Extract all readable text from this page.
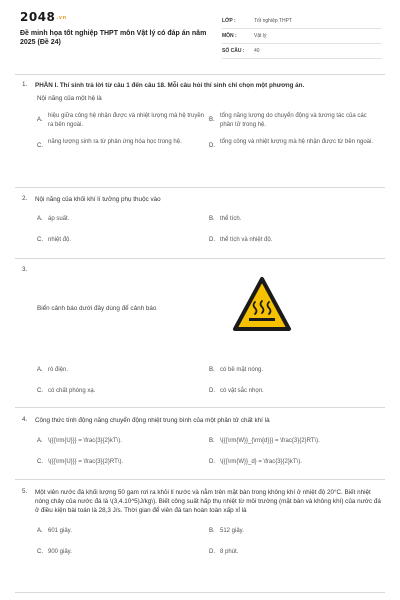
2048.vn
Đề minh họa tốt nghiệp THPT môn Vật lý có đáp án năm 2025 (Đề 24)
LỚP :	Tốt nghiệp THPT
MÔN :	Vật lý
SỐ CÂU :	40
1. PHẦN I. Thí sinh trả lời từ câu 1 đến câu 18. Mỗi câu hỏi thí sinh chỉ chọn một phương án.
Nội năng của một hệ là
A.
hiệu giữa công hệ nhận được và nhiệt lượng mà hệ truyền ra bên ngoài.
B.
tổng năng lượng do chuyển động và tương tác của các phân tử trong hệ.
C.
năng lượng sinh ra từ phản ứng hóa học trong hệ.
D.
tổng công và nhiệt lượng mà hệ nhận được từ bên ngoài.
2. Nội năng của khối khí lí tưởng phụ thuộc vào
A. áp suất.	B. thể tích.
C. nhiệt độ.	D. thể tích và nhiệt độ.
3.
Biển cảnh báo dưới đây dùng để cảnh báo
A. rò điện.	B. có bề mặt nóng.
C. có chất phóng xạ.	D. có vật sắc nhọn.
4. Công thức tính động năng chuyển động nhiệt trung bình của một phân tử chất khí là
A. \({{\rm{U}}} = \frac{3}{2}kT\).	B. \({{\rm{W}}_{\rm{d}}} = \frac{3}{2}RT\).
C. \({{\rm{U}}} = \frac{3}{2}RT\).	D. \({{\rm{W}}_d} = \frac{3}{2}kT\).
5. Một viên nước đá khối lượng 50 gam rơi ra khỏi lí nước và nằm trên mặt bàn trong không khí ở nhiệt độ 20°C. Biết nhiệt nóng chảy của nước đá là \(3,4.10^5)J/kg\). Biết công suất hấp thụ nhiệt từ môi trường (mặt bàn và không khí) của nước đá ở điều kiện bài toán là 28,3 J/s. Thời gian để viên đá tan hoàn toàn xấp xỉ là
A. 601 giây.	B. 512 giây.
C. 900 giây.	D. 8 phút.
